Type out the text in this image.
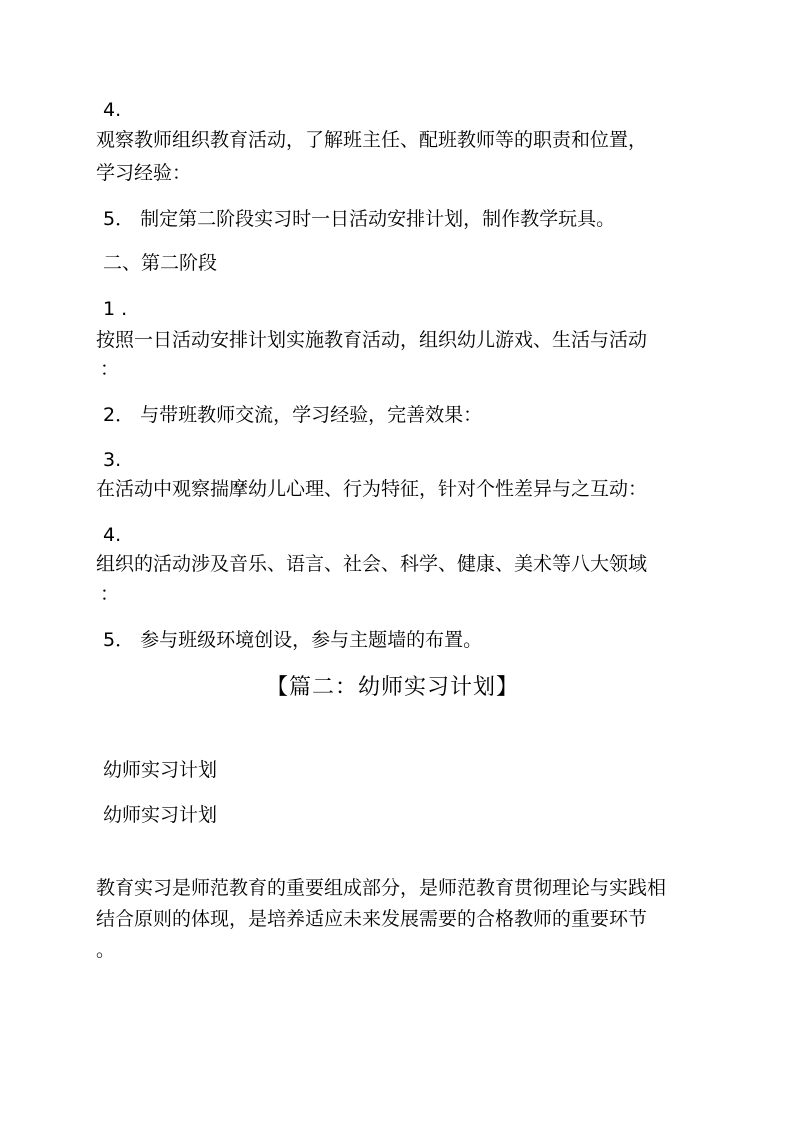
4.
观察教师组织教育活动，了解班主任、配班教师等的职责和位置，
学习经验：
5． 制定第二阶段实习时一日活动安排计划，制作教学玩具。
二、第二阶段
1 .
按照一日活动安排计划实施教育活动，组织幼儿游戏、生活与活动
：
2． 与带班教师交流，学习经验，完善效果：
3.
在活动中观察揣摩幼儿心理、行为特征，针对个性差异与之互动：
4.
组织的活动涉及音乐、语言、社会、科学、健康、美术等八大领域
：
5． 参与班级环境创设，参与主题墙的布置。
【篇二：幼师实习计划】
幼师实习计划
幼师实习计划
教育实习是师范教育的重要组成部分，是师范教育贯彻理论与实践相
结合原则的体现，是培养适应未来发展需要的合格教师的重要环节
。
